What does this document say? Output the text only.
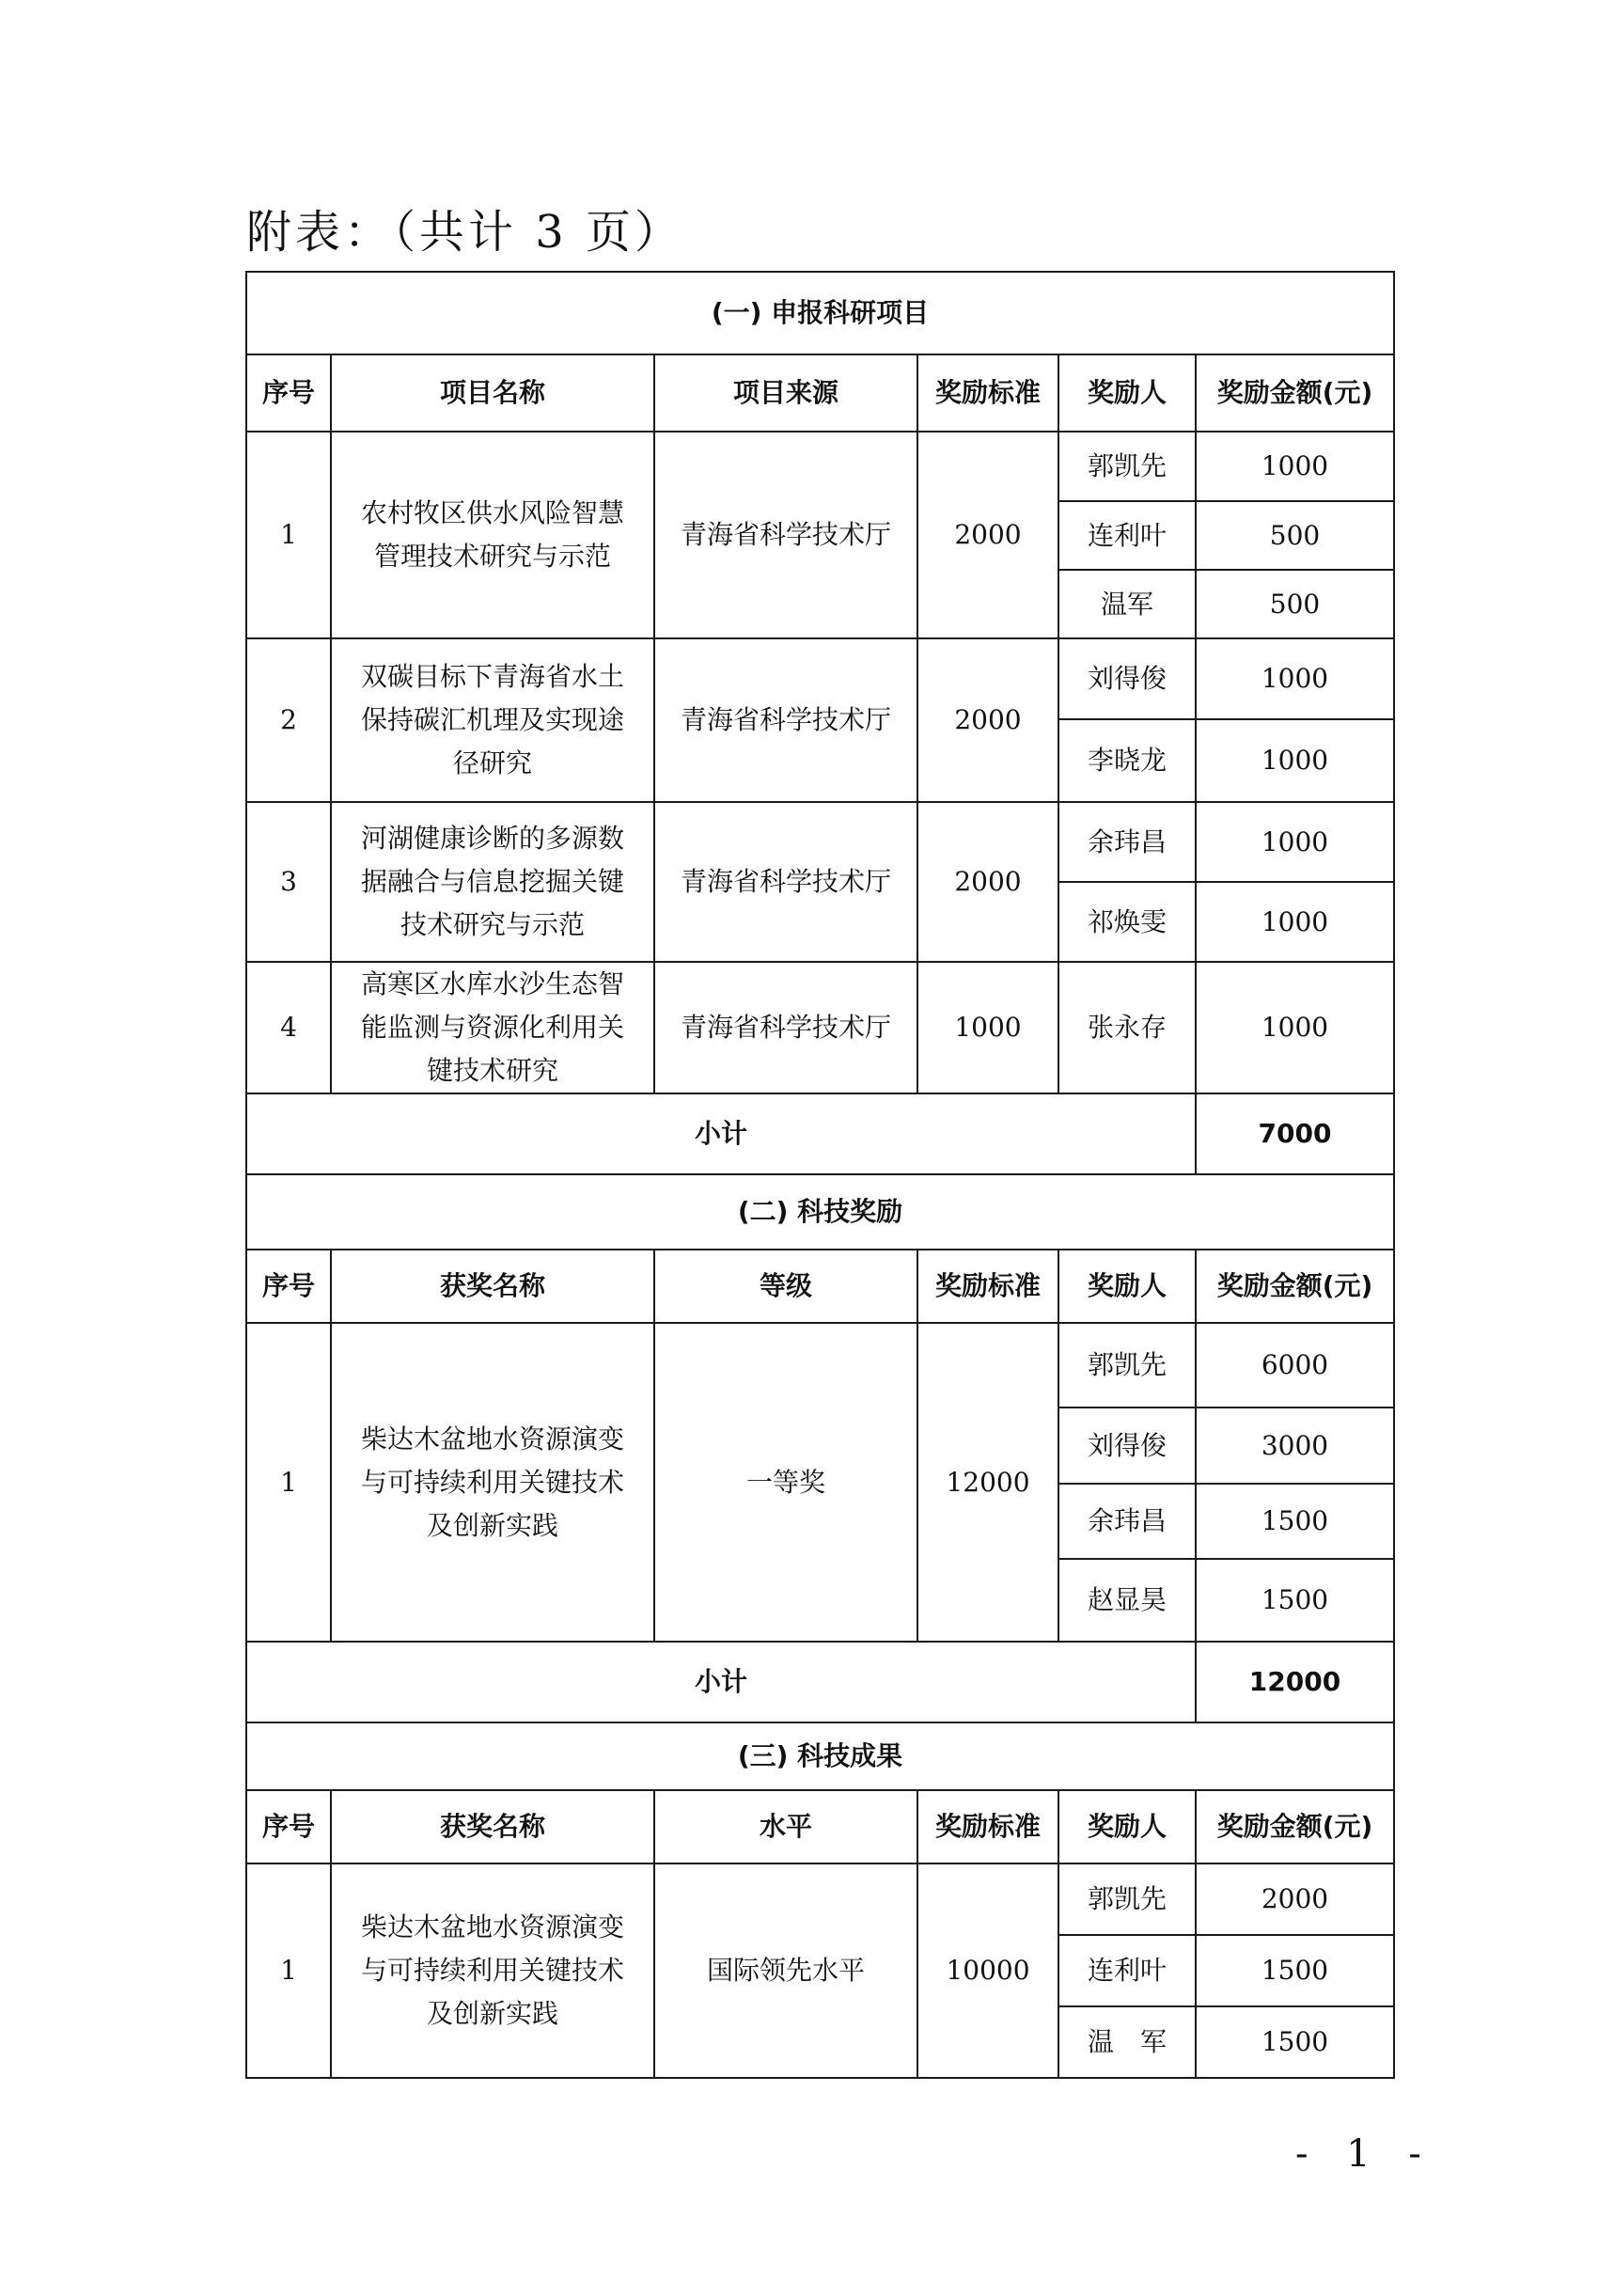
附表：（共计 3 页）
(一) 申报科研项目					
序号	项目名称	项目来源	奖励标准	奖励人	奖励金额(元)
1	农村牧区供水风险智慧管理技术研究与示范	青海省科学技术厅	2000	郭凯先	1000
				连利叶	500
				温军	500
2	双碳目标下青海省水土保持碳汇机理及实现途径研究	青海省科学技术厅	2000	刘得俊	1000
				李晓龙	1000
3	河湖健康诊断的多源数据融合与信息挖掘关键技术研究与示范	青海省科学技术厅	2000	余玮昌	1000
				祁焕雯	1000
4	高寒区水库水沙生态智能监测与资源化利用关键技术研究	青海省科学技术厅	1000	张永存	1000
小计					7000
(二) 科技奖励					
序号	获奖名称	等级	奖励标准	奖励人	奖励金额(元)
1	柴达木盆地水资源演变与可持续利用关键技术及创新实践	一等奖	12000	郭凯先	6000
				刘得俊	3000
				余玮昌	1500
				赵显昊	1500
小计					12000
(三) 科技成果					
序号	获奖名称	水平	奖励标准	奖励人	奖励金额(元)
1	柴达木盆地水资源演变与可持续利用关键技术及创新实践	国际领先水平	10000	郭凯先	2000
				连利叶	1500
				温　军	1500
- 1 -
